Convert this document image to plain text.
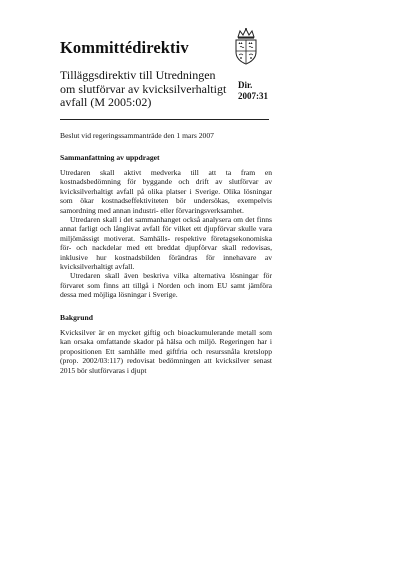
Kommittédirektiv
Tilläggsdirektiv till Utredningen om slutförvar av kvicksilverhaltigt avfall (M 2005:02)
Dir.
2007:31

Beslut vid regeringssammanträde den 1 mars 2007

Sammanfattning av uppdraget

Utredaren skall aktivt medverka till att ta fram en kostnadsbedömning för byggande och drift av slutförvar av kvicksilverhaltigt avfall på olika platser i Sverige. Olika lösningar som ökar kostnadseffektiviteten bör undersökas, exempelvis samordning med annan industri- eller förvaringsverksamhet.

Utredaren skall i det sammanhanget också analysera om det finns annat farligt och långlivat avfall för vilket ett djupförvar skulle vara miljömässigt motiverat. Samhälls- respektive företagsekonomiska för- och nackdelar med ett breddat djupförvar skall redovisas, inklusive hur kostnadsbilden förändras för innehavare av kvicksilverhaltigt avfall.

Utredaren skall även beskriva vilka alternativa lösningar för förvaret som finns att tillgå i Norden och inom EU samt jämföra dessa med möjliga lösningar i Sverige.

Bakgrund

Kvicksilver är en mycket giftig och bioackumulerande metall som kan orsaka omfattande skador på hälsa och miljö. Regeringen har i propositionen Ett samhälle med giftfria och resurssnåla kretslopp (prop. 2002/03:117) redovisat bedömningen att kvicksilver senast 2015 bör slutförvaras i djupt
